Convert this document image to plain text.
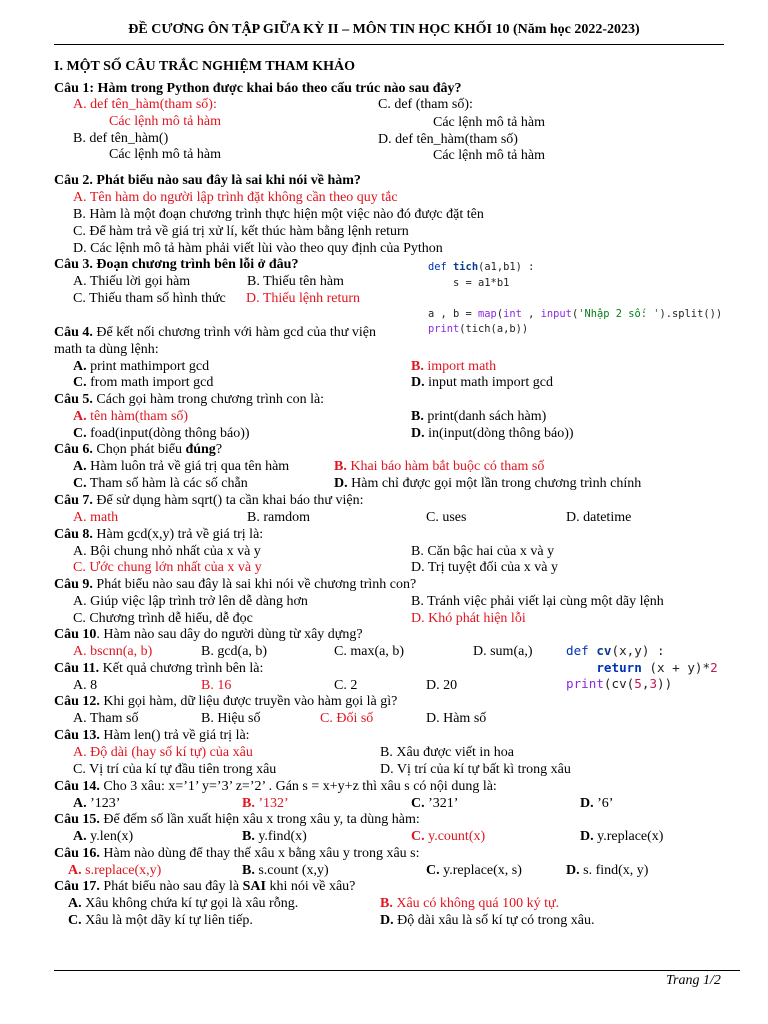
ĐỀ CƯƠNG ÔN TẬP GIỮA KỲ II – MÔN TIN HỌC KHỐI 10 (Năm học 2022-2023)
I. MỘT SỐ CÂU TRẮC NGHIỆM THAM KHẢO
Câu 1: Hàm trong Python được khai báo theo cấu trúc nào sau đây?
A. def tên_hàm(tham số):
Các lệnh mô tả hàm
C. def (tham số):
Các lệnh mô tả hàm
B. def tên_hàm()
Các lệnh mô tả hàm
D. def tên_hàm(tham số)
Các lệnh mô tả hàm
Câu 2. Phát biểu nào sau đây là sai khi nói về hàm?
A. Tên hàm do người lập trình đặt không cần theo quy tắc
B. Hàm là một đoạn chương trình thực hiện một việc nào đó được đặt tên
C. Để hàm trả về giá trị xử lí, kết thúc hàm bằng lệnh return
D. Các lệnh mô tả hàm phải viết lùi vào theo quy định của Python
Câu 3. Đoạn chương trình bên lỗi ở đâu?
A. Thiếu lời gọi hàm	B. Thiếu tên hàm
C. Thiếu tham số hình thức D. Thiếu lệnh return
def tich(a1,b1) :
s = a1*b1

a , b = map(int , input('Nhập 2 số: ').split())
print(tich(a,b))
Câu 4. Để kết nối chương trình với hàm gcd của thư viện
math ta dùng lệnh:
A. print mathimport gcd	B. import math
C. from math import gcd	D. input math import gcd
Câu 5. Cách gọi hàm trong chương trình con là:
A. tên hàm(tham số)	B. print(danh sách hàm)
C. foad(input(dòng thông báo))	D. in(input(dòng thông báo))
Câu 6. Chọn phát biểu đúng?
A. Hàm luôn trả về giá trị qua tên hàm	B. Khai báo hàm bắt buộc có tham số
C. Tham số hàm là các số chẵn	D. Hàm chỉ được gọi một lần trong chương trình chính
Câu 7. Để sử dụng hàm sqrt() ta cần khai báo thư viện:
A. math	B. ramdom	C. uses	D. datetime
Câu 8. Hàm gcd(x,y) trả về giá trị là:
A. Bội chung nhỏ nhất của x và y	B. Căn bậc hai của x và y
C. Ước chung lớn nhất của x và y	D. Trị tuyệt đối của x và y
Câu 9. Phát biểu nào sau đây là sai khi nói về chương trình con?
A. Giúp việc lập trình trở lên dễ dàng hơn	B. Tránh việc phải viết lại cùng một dãy lệnh
C. Chương trình dễ hiểu, dễ đọc	D. Khó phát hiện lỗi
Câu 10. Hàm nào sau dây do người dùng từ xây dựng?
A. bscnn(a, b)	B. gcd(a, b)	C. max(a, b)	D. sum(a,)	def cv(x,y) :
return (x + y)*2
print(cv(5,3))
Câu 11. Kết quả chương trình bên là:
A. 8	B. 16	C. 2	D. 20
Câu 12. Khi gọi hàm, dữ liệu được truyền vào hàm gọi là gì?
A. Tham số	B. Hiệu số	C. Đối số	D. Hàm số
Câu 13. Hàm len() trả về giá trị là:
A. Độ dài (hay số kí tự) của xâu	B. Xâu được viết in hoa
C. Vị trí của kí tự đầu tiên trong xâu	D. Vị trí của kí tự bất kì trong xâu
Câu 14. Cho 3 xâu: x=’1’ y=’3’ z=’2’ . Gán s = x+y+z thì xâu s có nội dung là:
A. ’123’	B. ’132’	C. ’321’	D. ’6’
Câu 15. Để đếm số lần xuất hiện xâu x trong xâu y, ta dùng hàm:
A. y.len(x)	B. y.find(x)	C. y.count(x)	D. y.replace(x)
Câu 16. Hàm nào dùng để thay thế xâu x bằng xâu y trong xâu s:
A. s.replace(x,y)	B. s.count (x,y)	C. y.replace(x, s)	D. s. find(x, y)
Câu 17. Phát biểu nào sau đây là SAI khi nói về xâu?
A. Xâu không chứa kí tự gọi là xâu rỗng.	B. Xâu có không quá 100 ký tự.
C. Xâu là một dãy kí tự liên tiếp.	D. Độ dài xâu là số kí tự có trong xâu.
Trang 1/2
